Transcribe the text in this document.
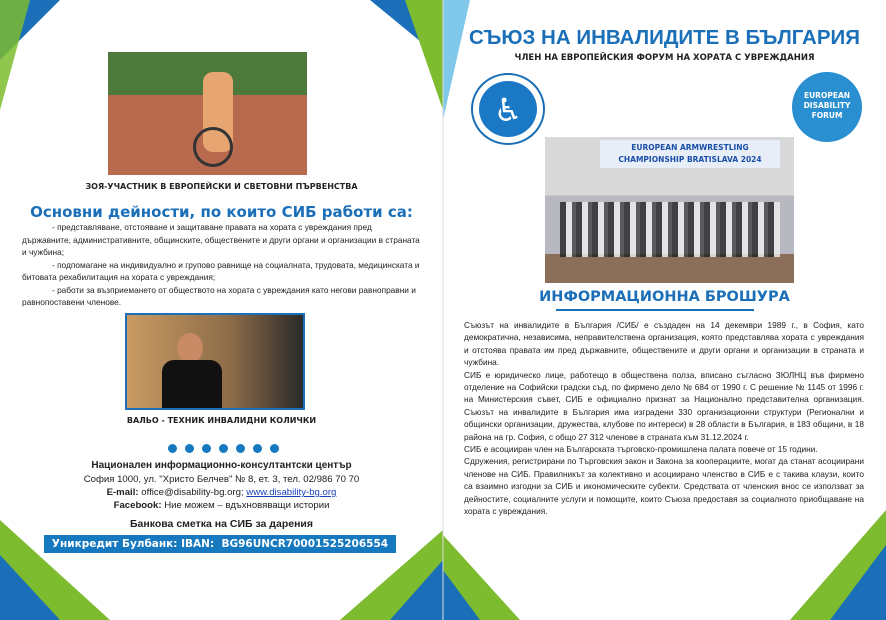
ЗОЯ-УЧАСТНИК В ЕВРОПЕЙСКИ И СВЕТОВНИ ПЪРВЕНСТВА
Основни дейности, по които СИБ работи са:

- представляване, отстояване и защитаване правата на хората с увреждания пред държавните, административните, общинските, обществените и други органи и организации в страната и чужбина;

- подпомагане на индивидуално и групово равнище на социалната, трудовата, медицинската и битовата рехабилитация на хората с увреждания;

- работи за възприемането от обществото на хората с увреждания като негови равноправни и равнопоставени членове.

ВАЛЬО - ТЕХНИК ИНВАЛИДНИ КОЛИЧКИ
Национален информационно-консултантски център
София 1000, ул. "Христо Белчев" № 8, ет. 3, тел. 02/986 70 70
E-mail: office@disability-bg.org; www.disability-bg.org
Facebook: Ние можем – вдъхновяващи истории
Банкова сметка на СИБ за дарения
Уникредит Булбанк: IBAN:  BG96UNCR70001525206554
СЪЮЗ НА ИНВАЛИДИТЕ В БЪЛГАРИЯ
ЧЛЕН НА ЕВРОПЕЙСКИЯ ФОРУМ НА ХОРАТА С УВРЕЖДАНИЯ
♿	EUROPEAN DISABILITY FORUM
EUROPEAN ARMWRESTLING CHAMPIONSHIP BRATISLAVA 2024
ИНФОРМАЦИОННА БРОШУРА

Съюзът на инвалидите в България /СИБ/ е създаден на 14 декември 1989 г., в София, като демократична, независима, неправителствена организация, която представлява хората с увреждания и отстоява правата им пред държавните, обществените и други органи и организации в страната и чужбина.

СИБ е юридическо лице, работещо в обществена полза, вписано съгласно ЗЮЛНЦ във фирмено отделение на Софийски градски съд, по фирмено дело № 684 от 1990 г. С решение № 1145 от 1996 г. на Министерския съвет, СИБ е официално признат за Национално представителна организация. Съюзът на инвалидите в България има изградени 330 организационни структури (Регионални и общински организации, дружества, клубове по интереси) в 28 области в България, в 183 общини, в 18 района на гр. София, с общо 27 312 членове в страната към 31.12.2024 г.

СИБ е асоцииран член на Българската търговско-промишлена палата повече от 15 години.

Сдружения, регистрирани по Търговския закон и Закона за кооперациите, могат да станат асоциирани членове на СИБ. Правилникът за колективно и асоциирано членство в СИБ е с такива клаузи, които са взаимно изгодни за СИБ и икономическите субекти. Средствата от членския внос се използват за дейностите, социалните услуги и помощите, които Съюза предоставя за социалното приобщаване на хората с увреждания.
